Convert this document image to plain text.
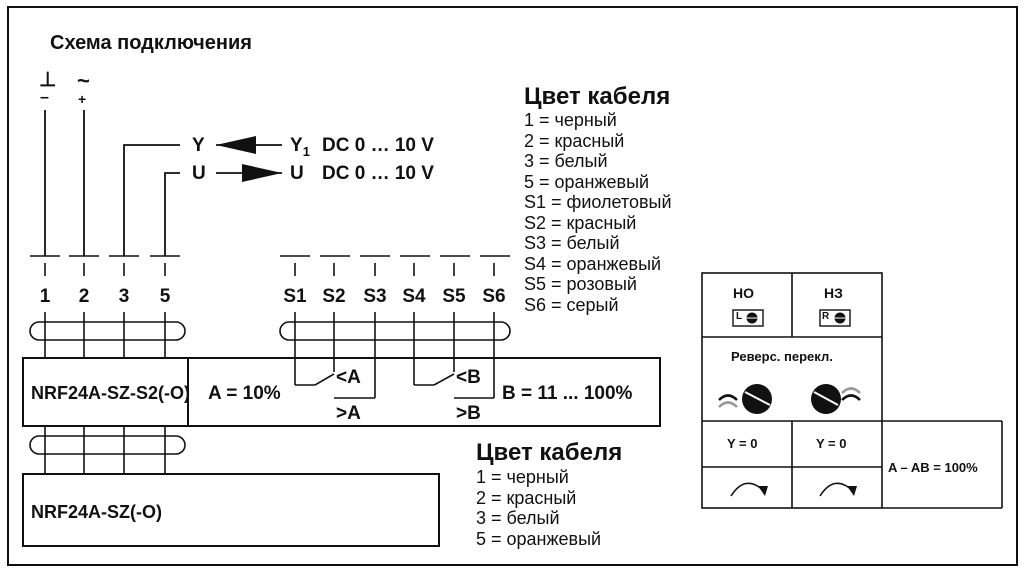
Схема подключения
⊥
–
~
+
Y	$Y_1$ DC 0 … 10 V
U	U DC 0 … 10 V
1	2	3	5	S1 S2 S3 S4 S5 S6
NRF24A-SZ-S2(-O) A = 10%
<A
>A
<B
>B
B = 11 ... 100%
NRF24A-SZ(-O)
Цвет кабеля
1 = черный
2 = красный
3 = белый
5 = оранжевый
S1 = фиолетовый
S2 = красный
S3 = белый
S4 = оранжевый
S5 = розовый
S6 = серый
Цвет кабеля
1 = черный
2 = красный
3 = белый
5 = оранжевый
НО	НЗ
L	R
Реверс. перекл.
Y = 0	Y = 0
A – AB = 100%
